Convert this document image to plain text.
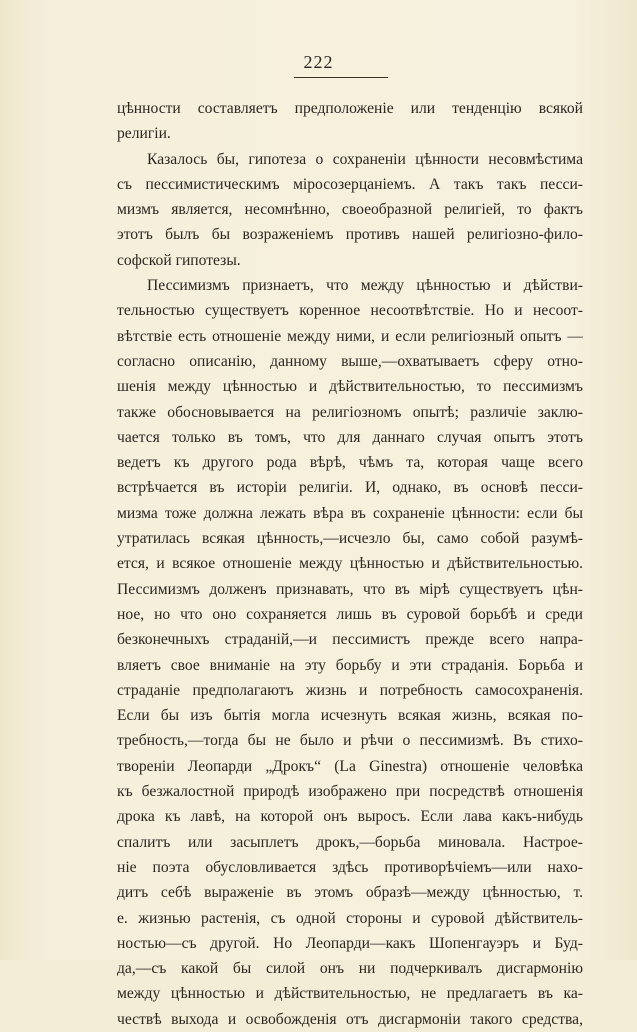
222
цѣнности составляетъ предположеніе или тенденцію всякой
религіи.
Казалось бы, гипотеза о сохраненіи цѣнности несовмѣстима
съ пессимистическимъ міросозерцаніемъ. А такъ такъ песси-
мизмъ является, несомнѣнно, своеобразной религіей, то фактъ
этотъ былъ бы возраженіемъ противъ нашей религіозно-фило-
софской гипотезы.
Пессимизмъ признаетъ, что между цѣнностью и дѣйстви-
тельностью существуетъ коренное несоотвѣтствіе. Но и несоот-
вѣтствіе есть отношеніе между ними, и если религіозный опытъ —
согласно описанію, данному выше,—охватываетъ сферу отно-
шенія между цѣнностью и дѣйствительностью, то пессимизмъ
также обосновывается на религіозномъ опытѣ; различіе заклю-
чается только въ томъ, что для даннаго случая опытъ этотъ
ведетъ къ другого рода вѣрѣ, чѣмъ та, которая чаще всего
встрѣчается въ исторіи религіи. И, однако, въ основѣ песси-
мизма тоже должна лежать вѣра въ сохраненіе цѣнности: если бы
утратилась всякая цѣнность,—исчезло бы, само собой разумѣ-
ется, и всякое отношеніе между цѣнностью и дѣйствительностью.
Пессимизмъ долженъ признавать, что въ мірѣ существуетъ цѣн-
ное, но что оно сохраняется лишь въ суровой борьбѣ и среди
безконечныхъ страданій,—и пессимистъ прежде всего напра-
вляетъ свое вниманіе на эту борьбу и эти страданія. Борьба и
страданіе предполагаютъ жизнь и потребность самосохраненія.
Если бы изъ бытія могла исчезнуть всякая жизнь, всякая по-
требность,—тогда бы не было и рѣчи о пессимизмѣ. Въ стихо-
твореніи Леопарди „Дрокъ“ (La Ginestra) отношеніе человѣка
къ безжалостной природѣ изображено при посредствѣ отношенія
дрока къ лавѣ, на которой онъ выросъ. Если лава какъ-нибудь
спалитъ или засыплетъ дрокъ,—борьба миновала. Настрое-
ніе поэта обусловливается здѣсь противорѣчіемъ—или нахо-
дитъ себѣ выраженіе въ этомъ образѣ—между цѣнностью, т.
е. жизнью растенія, съ одной стороны и суровой дѣйствитель-
ностью—съ другой. Но Леопарди—какъ Шопенгауэръ и Буд-
да,—съ какой бы силой онъ ни подчеркивалъ дисгармонію
между цѣнностью и дѣйствительностью, не предлагаетъ въ ка-
чествѣ выхода и освобожденія отъ дисгармоніи такого средства,
